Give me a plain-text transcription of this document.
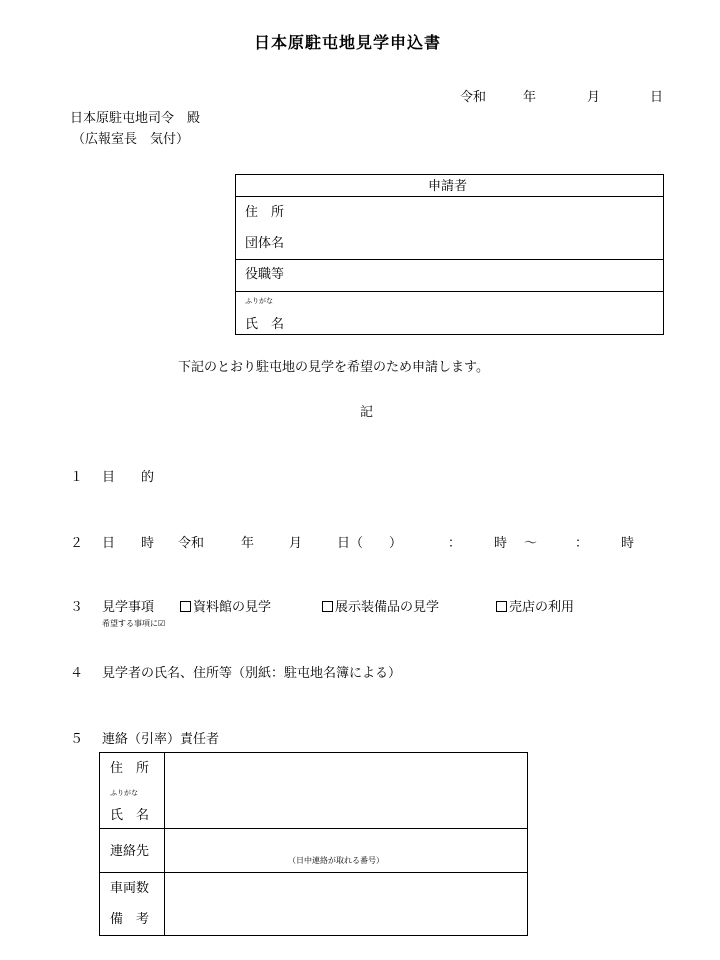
日本原駐屯地見学申込書
令和	年	月	日
日本原駐屯地司令　殿
（広報室長　気付）
申請者
住　所
団体名
役職等
ふりがな
氏　名
下記のとおり駐屯地の見学を希望のため申請します。
記
１ 目　　的
２ 日　　時 令和	年	月	日（　　）	：	時 ～	：	時
３ 見学事項
希望する事項に☑
資料館の見学	展示装備品の見学	売店の利用
４ 見学者の氏名、住所等（別紙：駐屯地名簿による）
５ 連絡（引率）責任者
住　所
ふりがな
氏　名
連絡先
（日中連絡が取れる番号）
車両数
備　考
